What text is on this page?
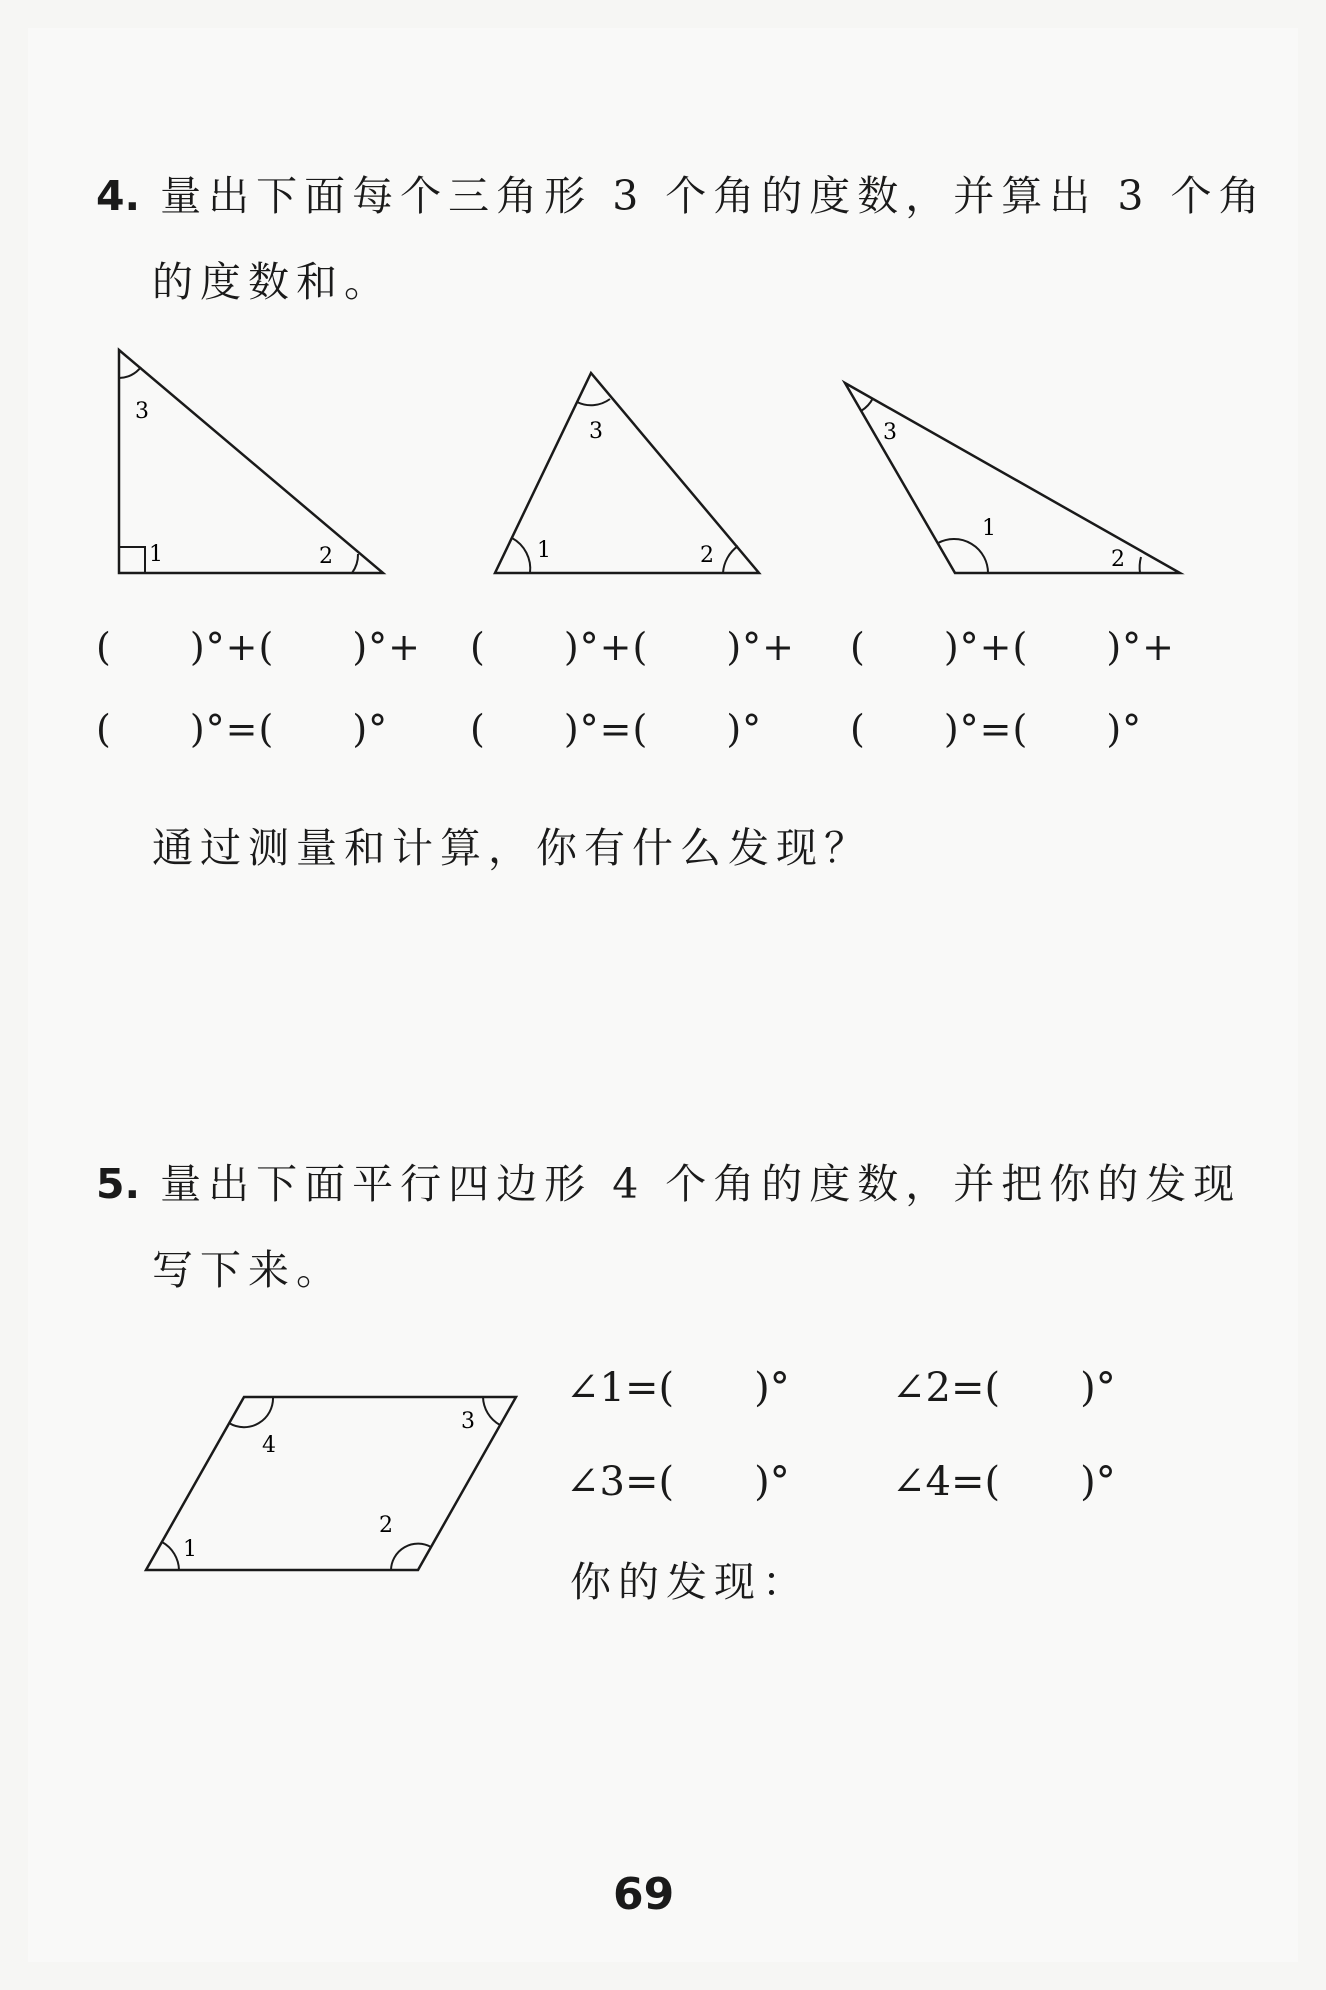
4. 量出下面每个三角形 3 个角的度数，并算出 3 个角
的度数和。
1	2
3
1	2
3
1
2
3
(　　)°+(　　)°+
(　　)°=(　　)°
(　　)°+(　　)°+
(　　)°=(　　)°
(　　)°+(　　)°+
(　　)°=(　　)°
通过测量和计算，你有什么发现？
5. 量出下面平行四边形 4 个角的度数，并把你的发现
写下来。
1
2
3
4
∠1=(　　)°	∠2=(　　)°
∠3=(　　)°	∠4=(　　)°
你的发现：
69
